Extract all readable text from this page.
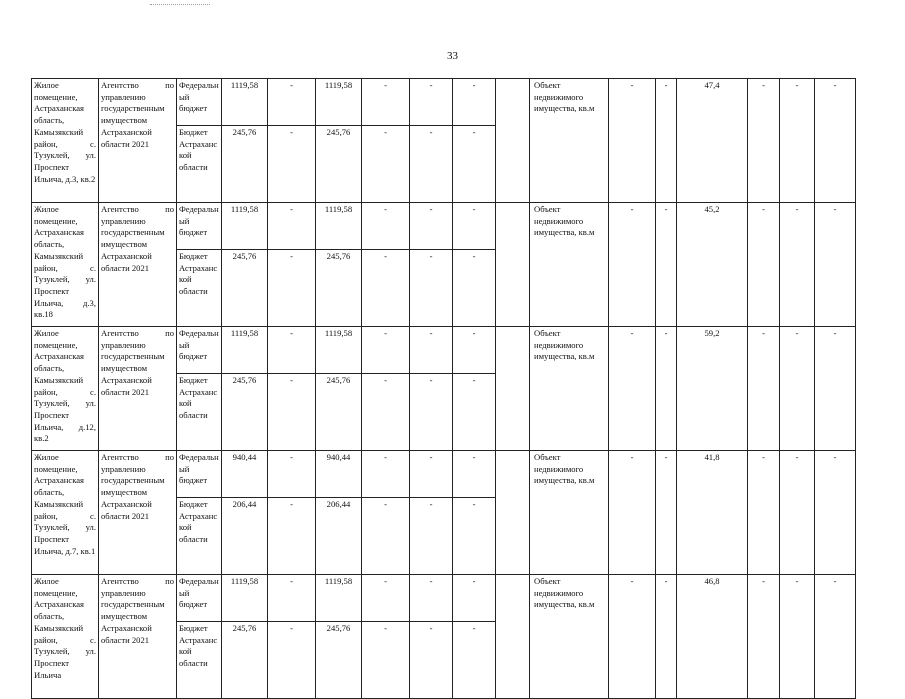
33
Жилое помещение, Астраханская область, Камызякский район, с. Тузуклей, ул. Проспект Ильича, д.3, кв.2	Агентство по управлению государственным имуществом Астраханской области 2021	Федеральный бюджет	1119,58	-	1119,58	-	-	-		Объект недвижимого имущества, кв.м	-	-	47,4	-	-	-
		Бюджет Астраханской области	245,76	-	245,76	-	-	-								
Жилое помещение, Астраханская область, Камызякский район, с. Тузуклей, ул. Проспект Ильича, д.3, кв.18	Агентство по управлению государственным имуществом Астраханской области 2021	Федеральный бюджет	1119,58	-	1119,58	-	-	-		Объект недвижимого имущества, кв.м	-	-	45,2	-	-	-
		Бюджет Астраханской области	245,76	-	245,76	-	-	-								
Жилое помещение, Астраханская область, Камызякский район, с. Тузуклей, ул. Проспект Ильича, д.12, кв.2	Агентство по управлению государственным имуществом Астраханской области 2021	Федеральный бюджет	1119,58	-	1119,58	-	-	-		Объект недвижимого имущества, кв.м	-	-	59,2	-	-	-
		Бюджет Астраханской области	245,76	-	245,76	-	-	-								
Жилое помещение, Астраханская область, Камызякский район, с. Тузуклей, ул. Проспект Ильича, д.7, кв.1	Агентство по управлению государственным имуществом Астраханской области 2021	Федеральный бюджет	940,44	-	940,44	-	-	-		Объект недвижимого имущества, кв.м	-	-	41,8	-	-	-
		Бюджет Астраханской области	206,44	-	206,44	-	-	-								
Жилое помещение, Астраханская область, Камызякский район, с. Тузуклей, ул. Проспект Ильича	Агентство по управлению государственным имуществом Астраханской области 2021	Федеральный бюджет	1119,58	-	1119,58	-	-	-		Объект недвижимого имущества, кв.м	-	-	46,8	-	-	-
		Бюджет Астраханской области	245,76	-	245,76	-	-	-								
